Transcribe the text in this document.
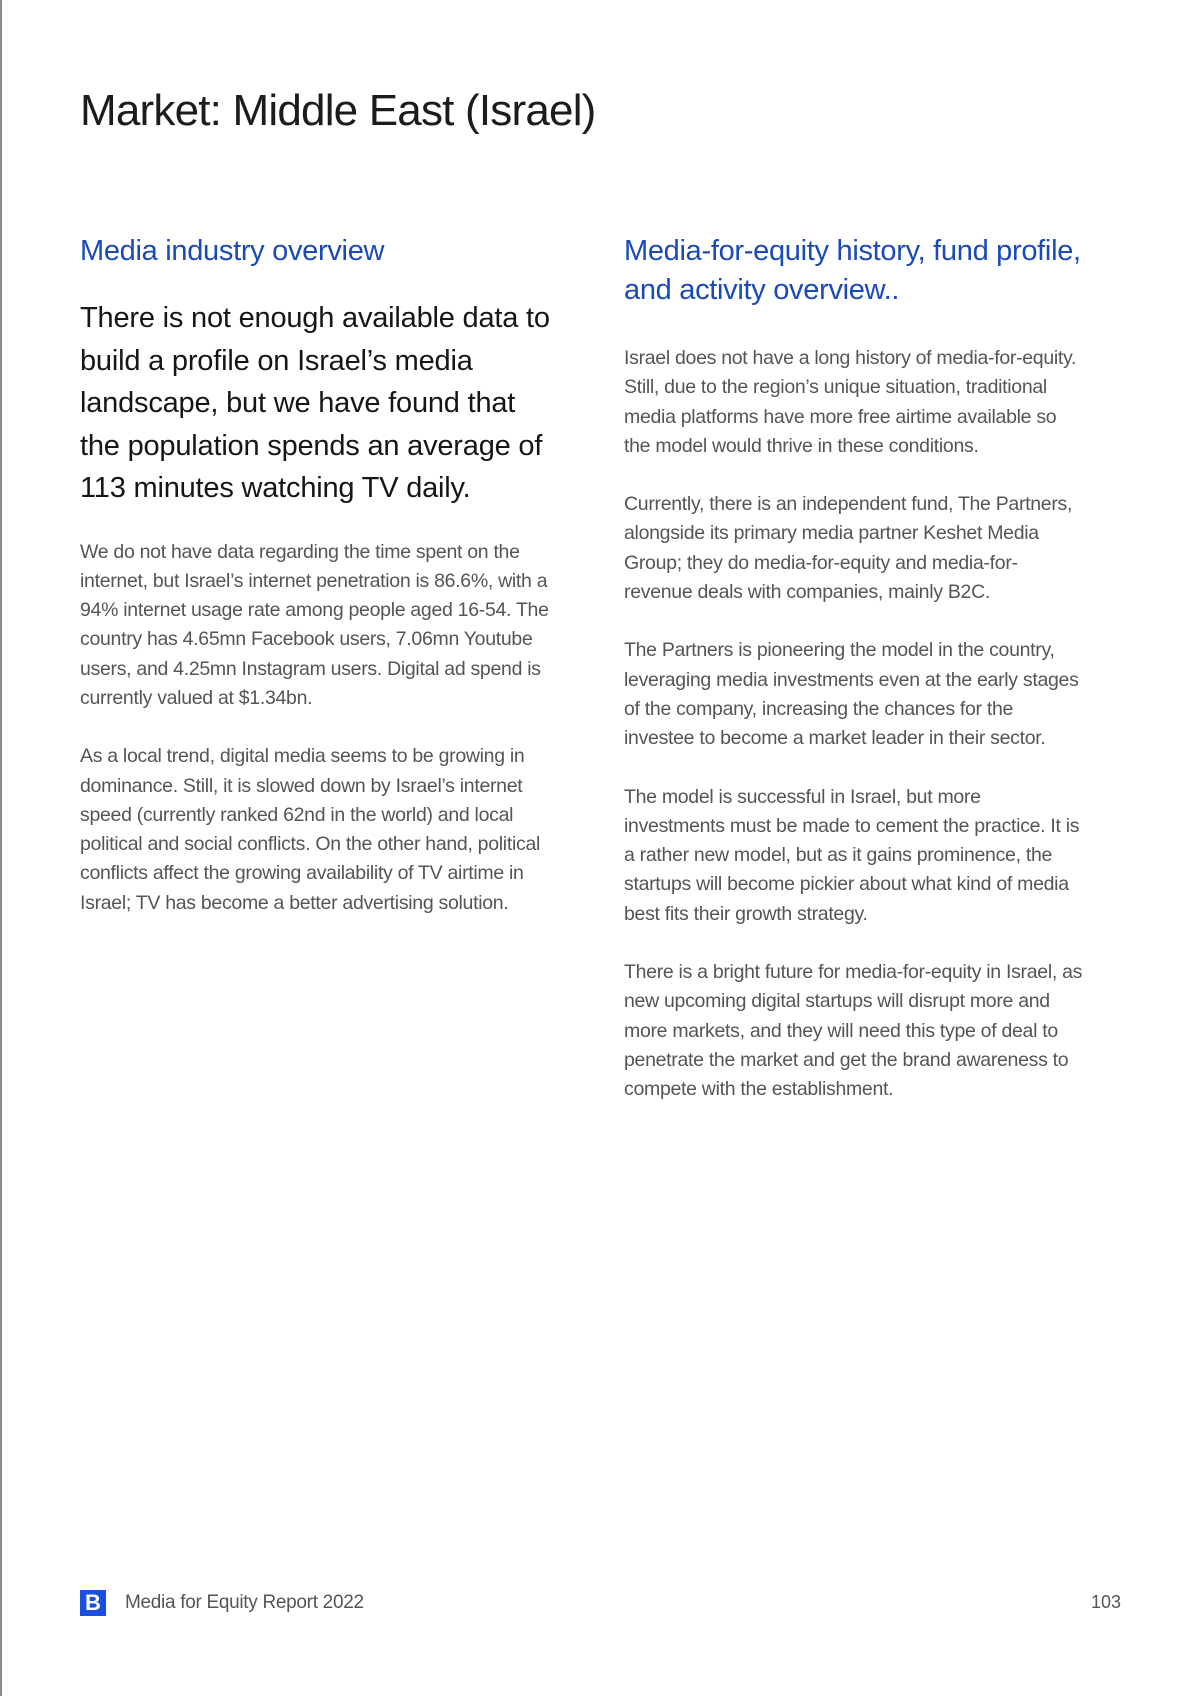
Market: Middle East (Israel)
Media industry overview

There is not enough available data to build a profile on Israel’s media landscape, but we have found that the population spends an average of 113 minutes watching TV daily.

We do not have data regarding the time spent on the internet, but Israel’s internet penetration is 86.6%, with a 94% internet usage rate among people aged 16-54. The country has 4.65mn Facebook users, 7.06mn Youtube users, and 4.25mn Instagram users. Digital ad spend is currently valued at $1.34bn.

As a local trend, digital media seems to be growing in dominance. Still, it is slowed down by Israel’s internet speed (currently ranked 62nd in the world) and local political and social conflicts. On the other hand, political conflicts affect the growing availability of TV airtime in Israel; TV has become a better advertising solution.

Media-for-equity history, fund profile, and activity overview..

Israel does not have a long history of media-for-equity. Still, due to the region’s unique situation, traditional media platforms have more free airtime available so the model would thrive in these conditions.

Currently, there is an independent fund, The Partners, alongside its primary media partner Keshet Media Group; they do media-for-equity and media-for-revenue deals with companies, mainly B2C.

The Partners is pioneering the model in the country, leveraging media investments even at the early stages of the company, increasing the chances for the investee to become a market leader in their sector.

The model is successful in Israel, but more investments must be made to cement the practice. It is a rather new model, but as it gains prominence, the startups will become pickier about what kind of media best fits their growth strategy.

There is a bright future for media-for-equity in Israel, as new upcoming digital startups will disrupt more and more markets, and they will need this type of deal to penetrate the market and get the brand awareness to compete with the establishment.

B Media for Equity Report 2022	103
